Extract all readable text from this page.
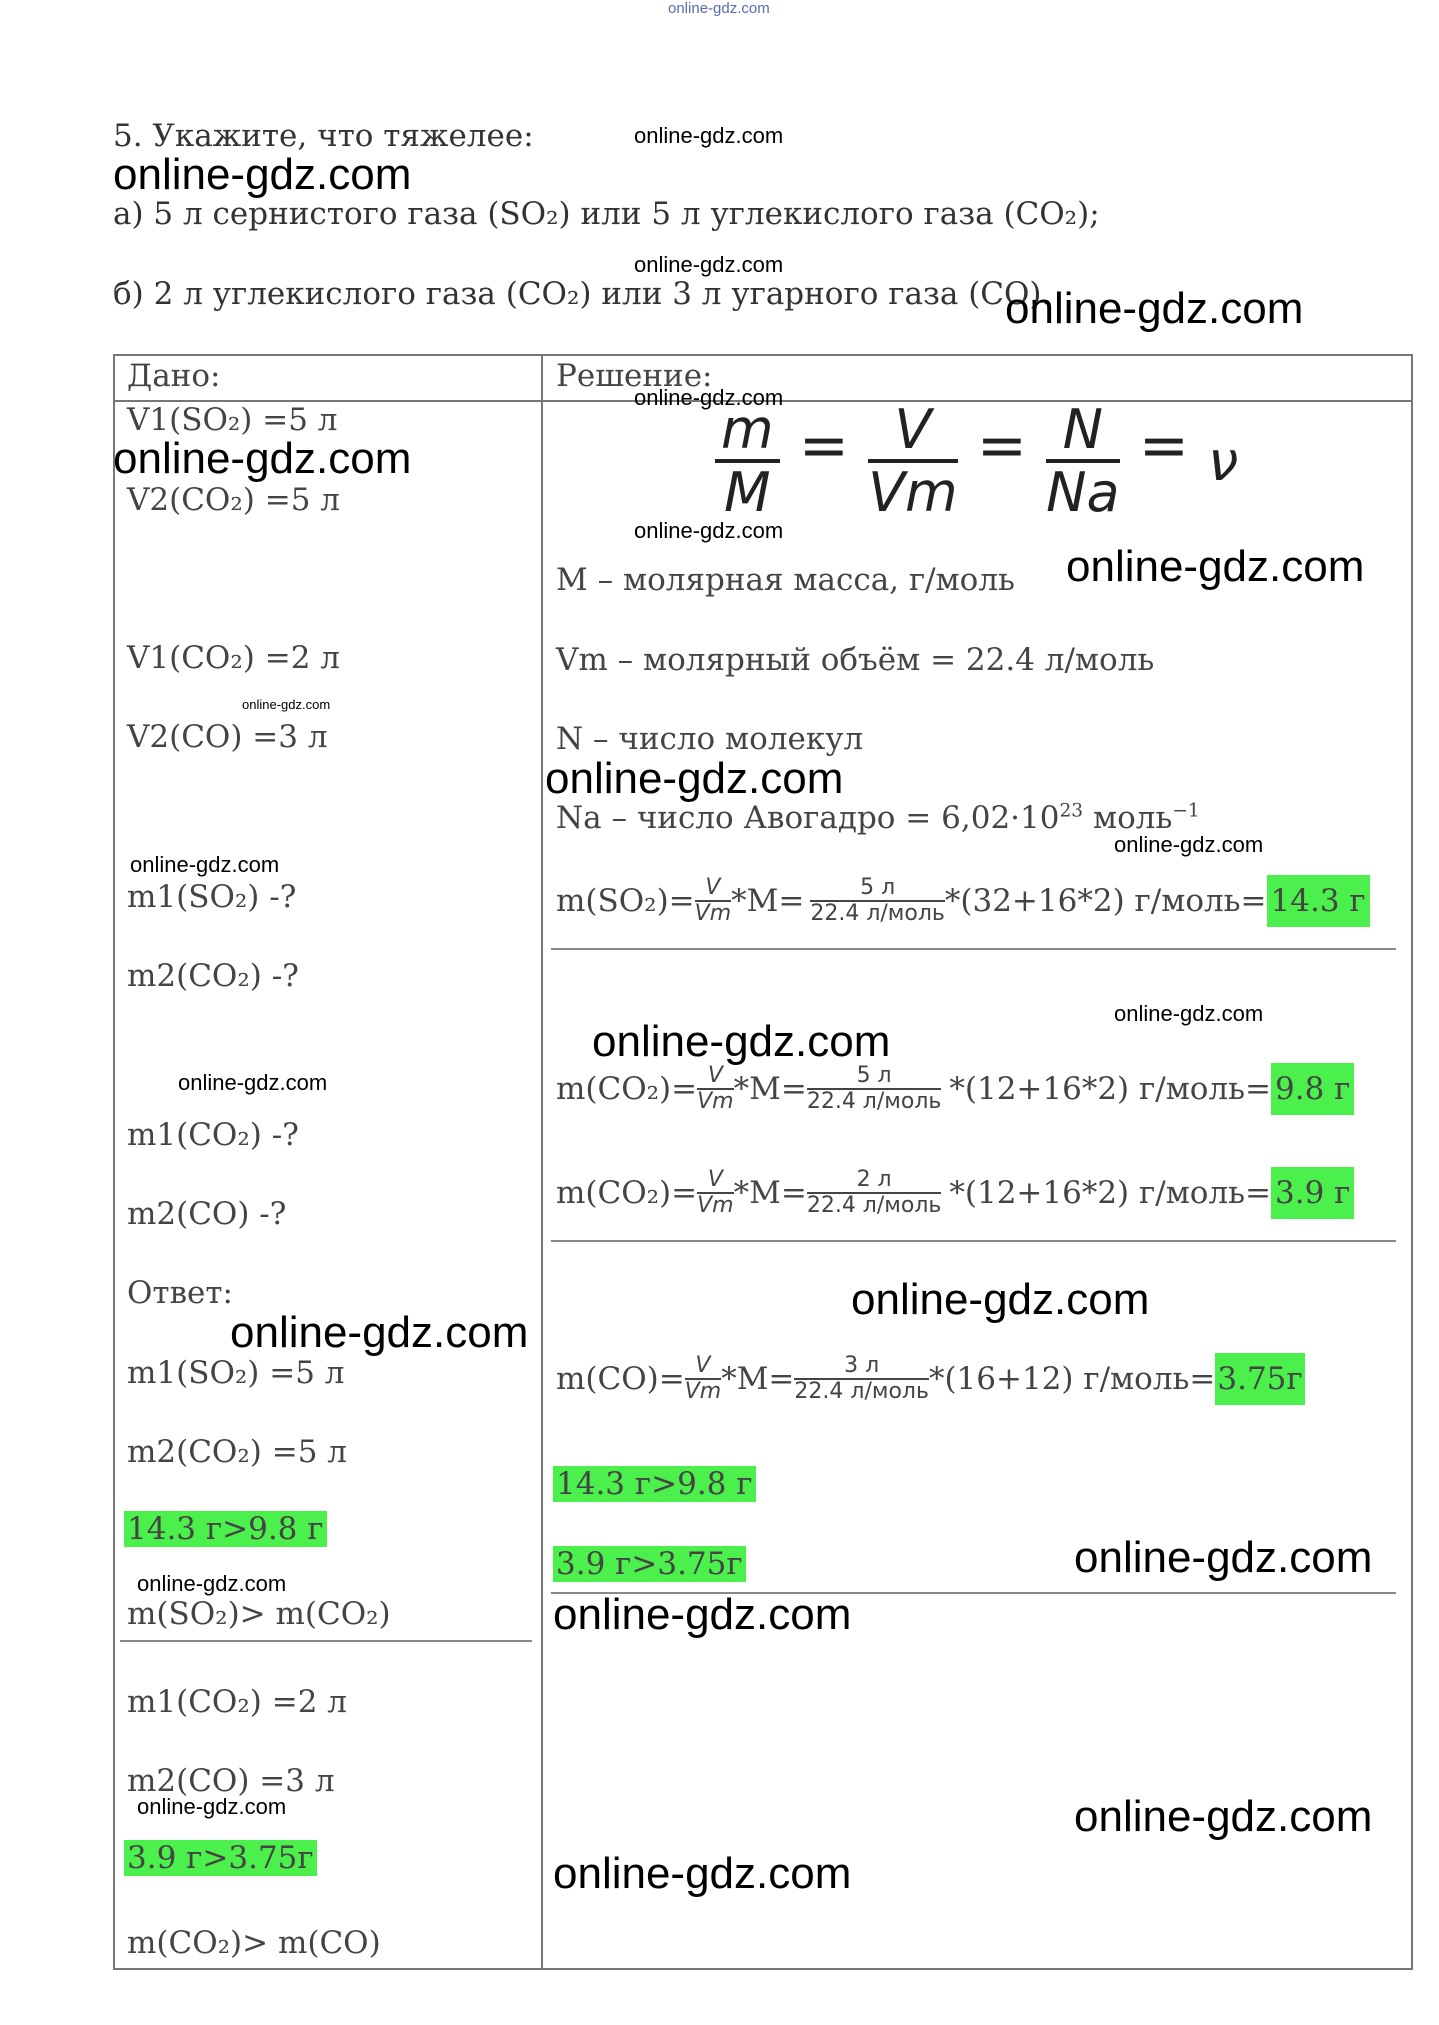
online-gdz.com
5. Укажите, что тяжелее:
а) 5 л сернистого газа (SO₂) или 5 л углекислого газа (CO₂);
б) 2 л углекислого газа (CO₂) или 3 л угарного газа (CO).
Дано:	Решение:
V1(SO₂) =5 л
V2(CO₂) =5 л
V1(CO₂) =2 л
V2(CO) =3 л
m1(SO₂) -?
m2(CO₂) -?
m1(CO₂) -?
m2(CO) -?
Ответ:
m1(SO₂) =5 л
m2(CO₂) =5 л
14.3 г>9.8 г
m(SO₂)> m(CO₂)
m1(CO₂) =2 л
m2(CO) =3 л
3.9 г>3.75г
m(CO₂)> m(CO)
$\frac{m}{M} = \frac{V}{Vm} = \frac{N}{Na} = \nu$
M – молярная масса, г/моль
Vm – молярный объём = 22.4 л/моль
N – число молекул
Na – число Авогадро = $6,02\cdot 10^{23}$ моль$^{-1}$
$m(SO_2)= \frac{V}{Vm} *M= \frac{5 л}{\text{22.4 л/моль}} *(32+16*2)$ г/моль= 14.3 г
$m(CO_2)= \frac{V}{Vm} *M= \frac{5 л}{\text{22.4 л/моль}} *(12+16*2)$ г/моль= 9.8 г
$m(CO_2)= \frac{V}{Vm} *M= \frac{2 л}{\text{22.4 л/моль}} *(12+16*2)$ г/моль= 3.9 г
$m(CO)= \frac{V}{Vm} *M= \frac{3 л}{\text{22.4 л/моль}} *(16+12)$ г/моль=3.75г
14.3 г>9.8 г
3.9 г>3.75г
online-gdz.com
online-gdz.com
online-gdz.com
online-gdz.com
online-gdz.com
online-gdz.com
online-gdz.com
online-gdz.com
online-gdz.com
online-gdz.com
online-gdz.com
online-gdz.com
online-gdz.com
online-gdz.com
online-gdz.com
online-gdz.com
online-gdz.com
online-gdz.com
online-gdz.com
online-gdz.com
online-gdz.com	online-gdz.com
online-gdz.com
